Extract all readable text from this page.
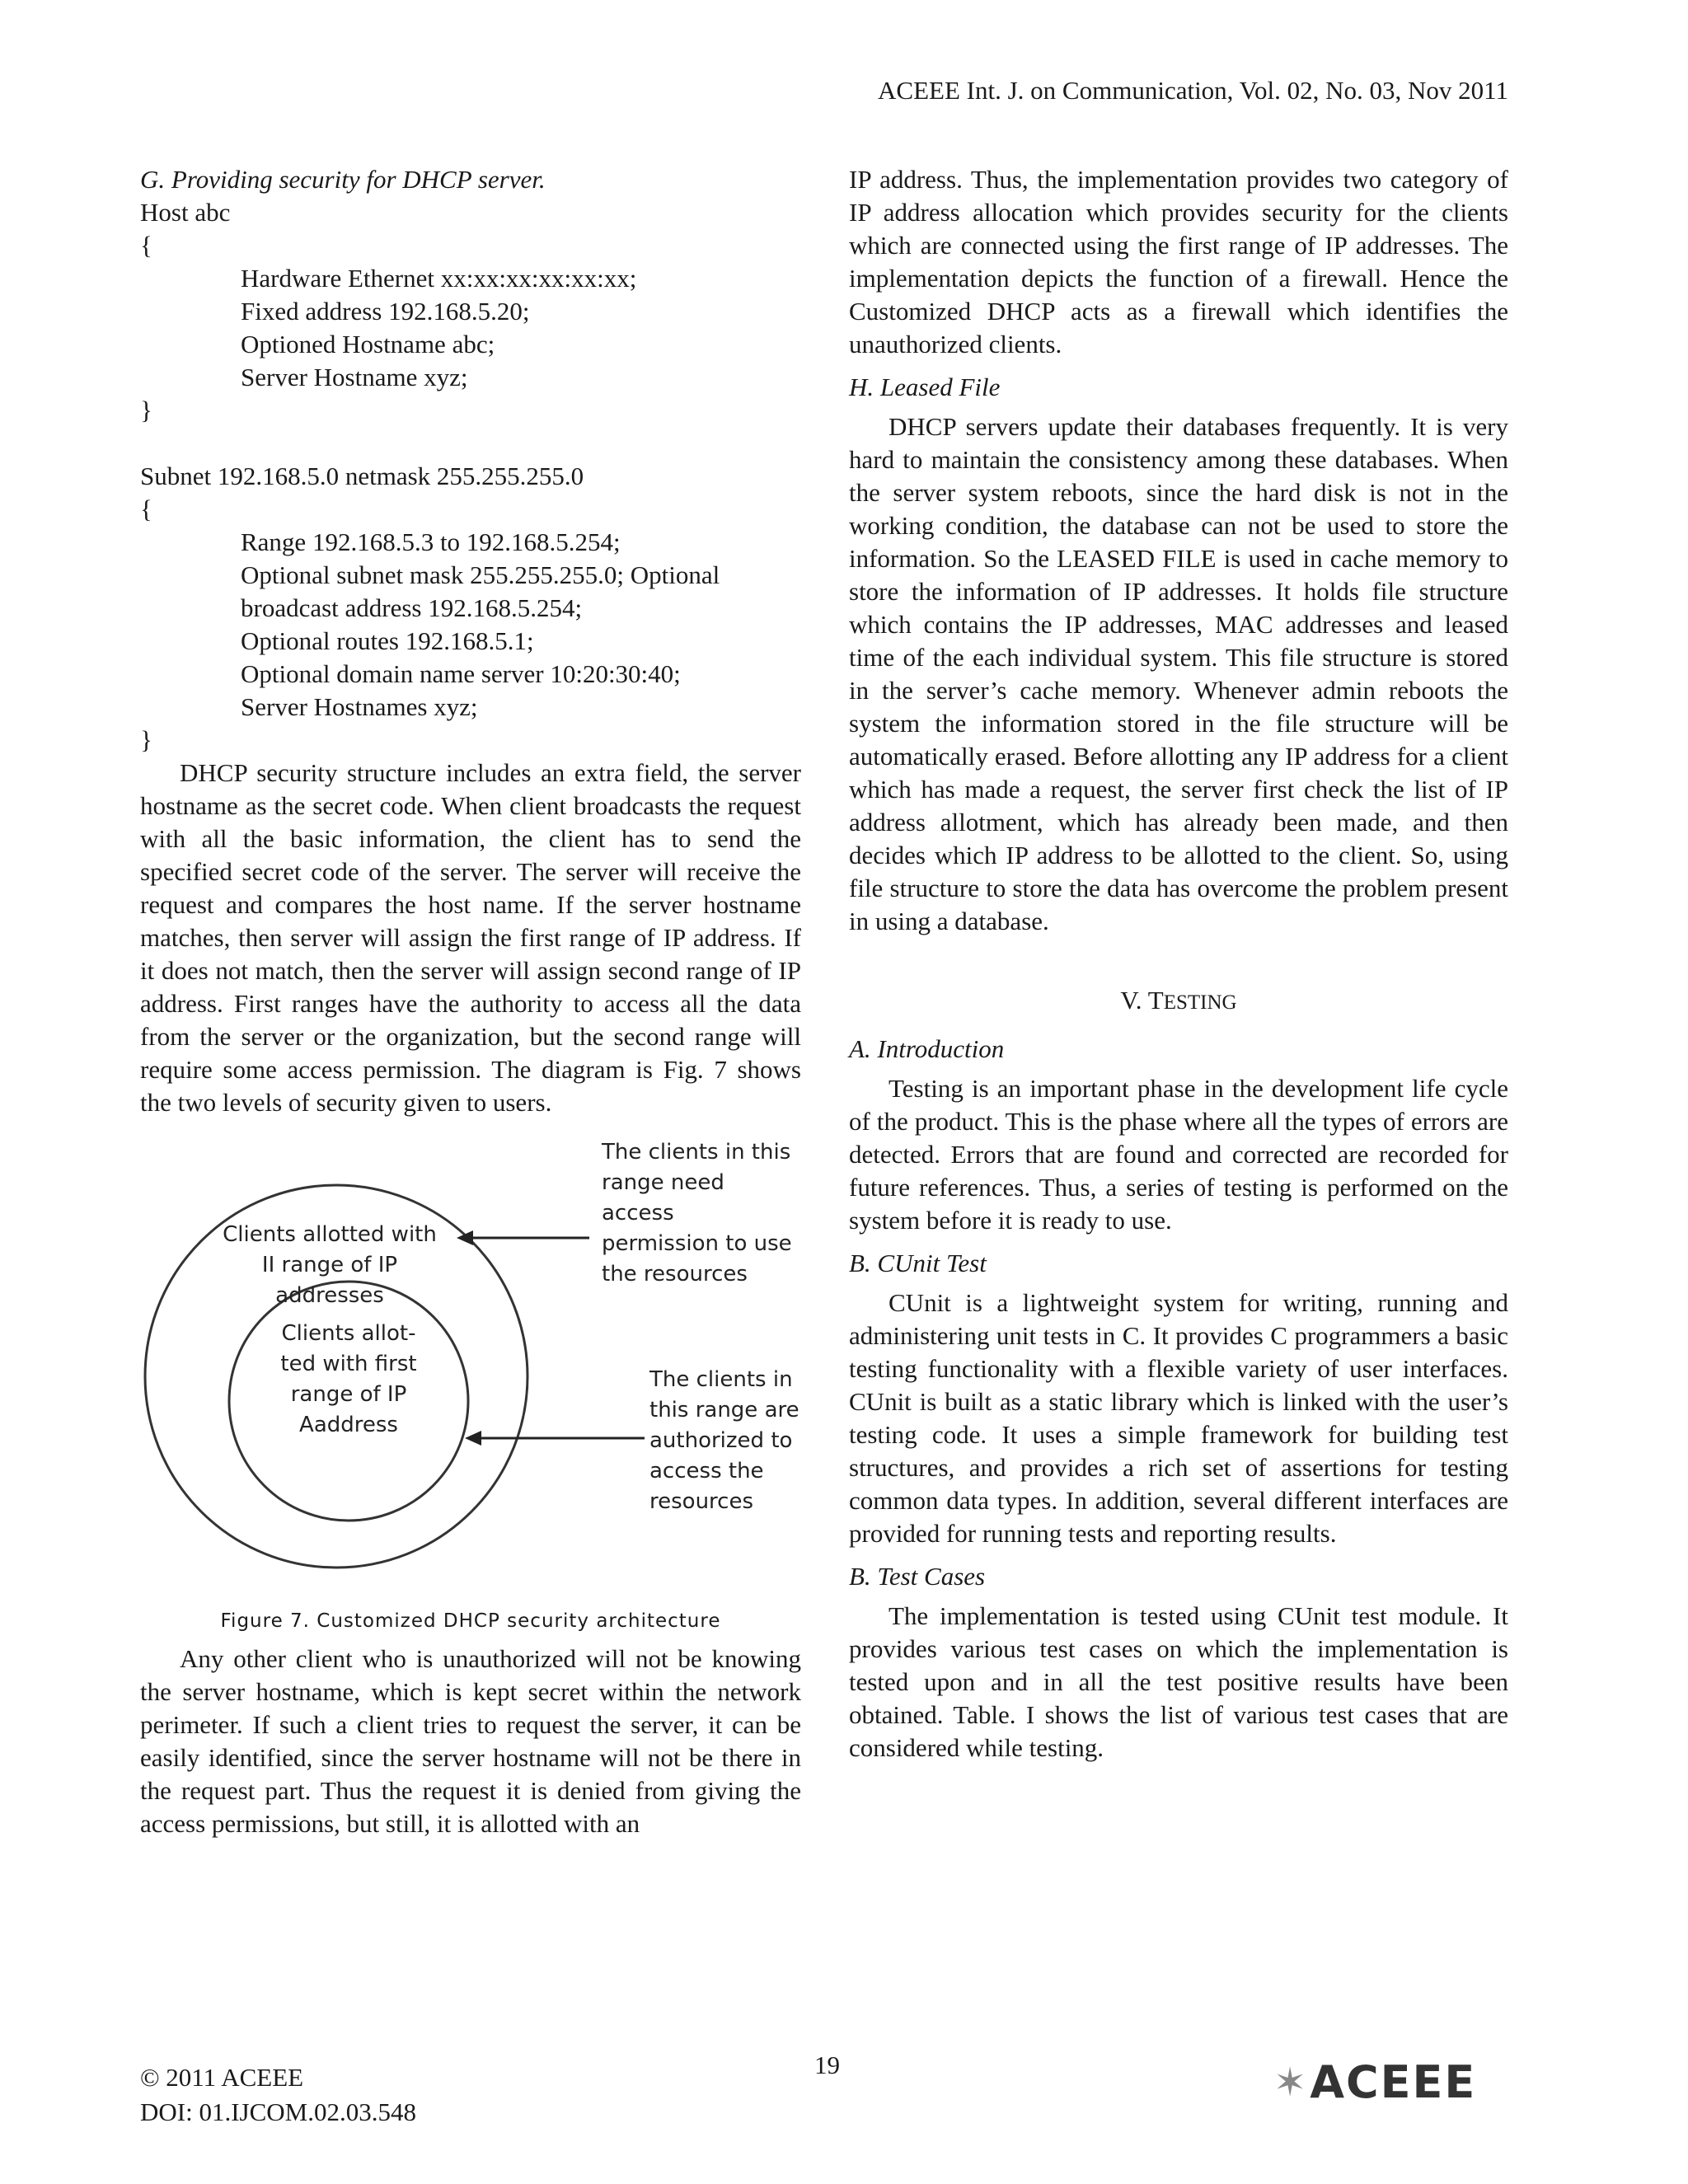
ACEEE Int. J. on Communication, Vol. 02, No. 03, Nov 2011

G. Providing security for DHCP server.

Host abc
{
Hardware Ethernet xx:xx:xx:xx:xx:xx;
Fixed address 192.168.5.20;
Optioned Hostname abc;
Server Hostname xyz;
}
Subnet 192.168.5.0 netmask 255.255.255.0
{
Range 192.168.5.3 to 192.168.5.254;
Optional subnet mask 255.255.255.0; Optional
broadcast address 192.168.5.254;
Optional routes 192.168.5.1;
Optional domain name server 10:20:30:40;
Server Hostnames xyz;
}

DHCP security structure includes an extra field, the server hostname as the secret code. When client broadcasts the request with all the basic information, the client has to send the specified secret code of the server. The server will receive the request and compares the host name. If the server hostname matches, then server will assign the first range of IP address. If it does not match, then the server will assign second range of IP address. First ranges have the authority to access all the data from the server or the organization, but the second range will require some access permission. The diagram is Fig. 7 shows the two levels of security given to users.

Clients allotted with
II range of IP addresses
Clients allot-
ted with first
range of IP
Aaddress
The clients in this
range need access
permission to use
the resources
The clients in
this range are
authorized to
access the
resources
Figure 7. Customized DHCP security architecture

Any other client who is unauthorized will not be knowing the server hostname, which is kept secret within the network perimeter. If such a client tries to request the server, it can be easily identified, since the server hostname will not be there in the request part. Thus the request it is denied from giving the access permissions, but still, it is allotted with an

IP address. Thus, the implementation provides two category of IP address allocation which provides security for the clients which are connected using the first range of IP addresses. The implementation depicts the function of a firewall. Hence the Customized DHCP acts as a firewall which identifies the unauthorized clients.

H. Leased File

DHCP servers update their databases frequently. It is very hard to maintain the consistency among these databases. When the server system reboots, since the hard disk is not in the working condition, the database can not be used to store the information. So the LEASED FILE is used in cache memory to store the information of IP addresses. It holds file structure which contains the IP addresses, MAC addresses and leased time of the each individual system. This file structure is stored in the server’s cache memory. Whenever admin reboots the system the information stored in the file structure will be automatically erased. Before allotting any IP address for a client which has made a request, the server first check the list of IP address allotment, which has already been made, and then decides which IP address to be allotted to the client. So, using file structure to store the data has overcome the problem present in using a database.

V. TESTING

A. Introduction

Testing is an important phase in the development life cycle of the product. This is the phase where all the types of errors are detected. Errors that are found and corrected are recorded for future references. Thus, a series of testing is performed on the system before it is ready to use.

B. CUnit Test

CUnit is a lightweight system for writing, running and administering unit tests in C. It provides C programmers a basic testing functionality with a flexible variety of user interfaces. CUnit is built as a static library which is linked with the user’s testing code. It uses a simple framework for building test structures, and provides a rich set of assertions for testing common data types. In addition, several different interfaces are provided for running tests and reporting results.

B. Test Cases

The implementation is tested using CUnit test module. It provides various test cases on which the implementation is tested upon and in all the test positive results have been obtained. Table. I shows the list of various test cases that are considered while testing.

© 2011 ACEEE
DOI: 01.IJCOM.02.03.548
19	✶ ACEEE
